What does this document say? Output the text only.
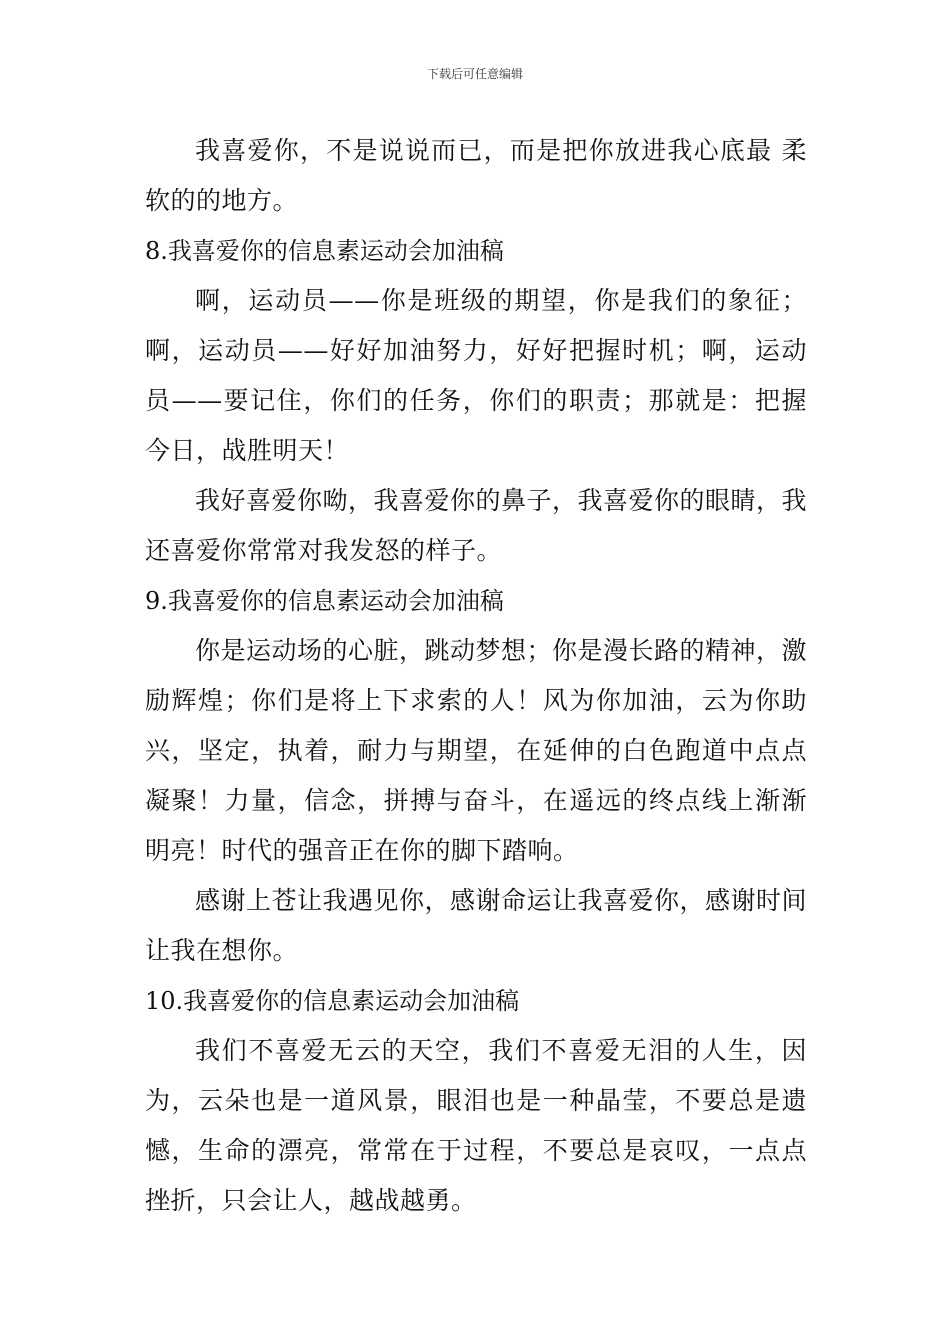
下载后可任意编辑

我喜爱你，不是说说而已，而是把你放进我心底最 柔软的的地方。

8.我喜爱你的信息素运动会加油稿

啊，运动员——你是班级的期望，你是我们的象征；啊，运动员——好好加油努力，好好把握时机；啊，运动员——要记住，你们的任务，你们的职责；那就是：把握今日，战胜明天！

我好喜爱你呦，我喜爱你的鼻子，我喜爱你的眼睛，我还喜爱你常常对我发怒的样子。

9.我喜爱你的信息素运动会加油稿

你是运动场的心脏，跳动梦想；你是漫长路的精神，激励辉煌；你们是将上下求索的人！风为你加油，云为你助兴，坚定，执着，耐力与期望，在延伸的白色跑道中点点凝聚！力量，信念，拼搏与奋斗，在遥远的终点线上渐渐明亮！时代的强音正在你的脚下踏响。

感谢上苍让我遇见你，感谢命运让我喜爱你，感谢时间让我在想你。

10.我喜爱你的信息素运动会加油稿

我们不喜爱无云的天空，我们不喜爱无泪的人生，因为，云朵也是一道风景，眼泪也是一种晶莹，不要总是遗憾，生命的漂亮，常常在于过程，不要总是哀叹，一点点挫折，只会让人，越战越勇。
